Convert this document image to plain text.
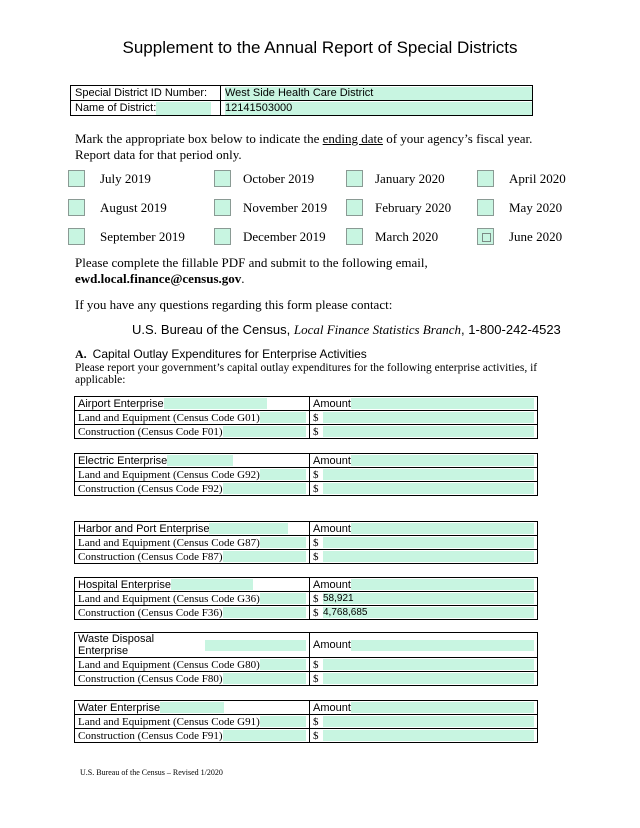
Supplement to the Annual Report of Special Districts
Special District ID Number:	West Side Health Care District

Name of District:	12141503000
Mark the appropriate box below to indicate the ending date of your agency’s fiscal year.
Report data for that period only.
July 2019	October 2019	January 2020	April 2020
August 2019	November 2019	February 2020	May 2020
September 2019	December 2019	March 2020	June 2020
Please complete the fillable PDF and submit to the following email,
ewd.local.finance@census.gov.
If you have any questions regarding this form please contact:
U.S. Bureau of the Census, Local Finance Statistics Branch, 1-800-242-4523
A. Capital Outlay Expenditures for Enterprise Activities
Please report your government’s capital outlay expenditures for the following enterprise activities, if applicable:
Airport Enterprise	Amount

Land and Equipment (Census Code G01)	$

Construction (Census Code F01)	$
Electric Enterprise	Amount

Land and Equipment (Census Code G92)	$

Construction (Census Code F92)	$
Harbor and Port Enterprise	Amount

Land and Equipment (Census Code G87)	$

Construction (Census Code F87)	$
Hospital Enterprise	Amount

Land and Equipment (Census Code G36)	$ 58,921

Construction (Census Code F36)	$ 4,768,685
Waste Disposal Enterprise	Amount

Land and Equipment (Census Code G80)	$

Construction (Census Code F80)	$
Water Enterprise	Amount

Land and Equipment (Census Code G91)	$

Construction (Census Code F91)	$
U.S. Bureau of the Census – Revised 1/2020
